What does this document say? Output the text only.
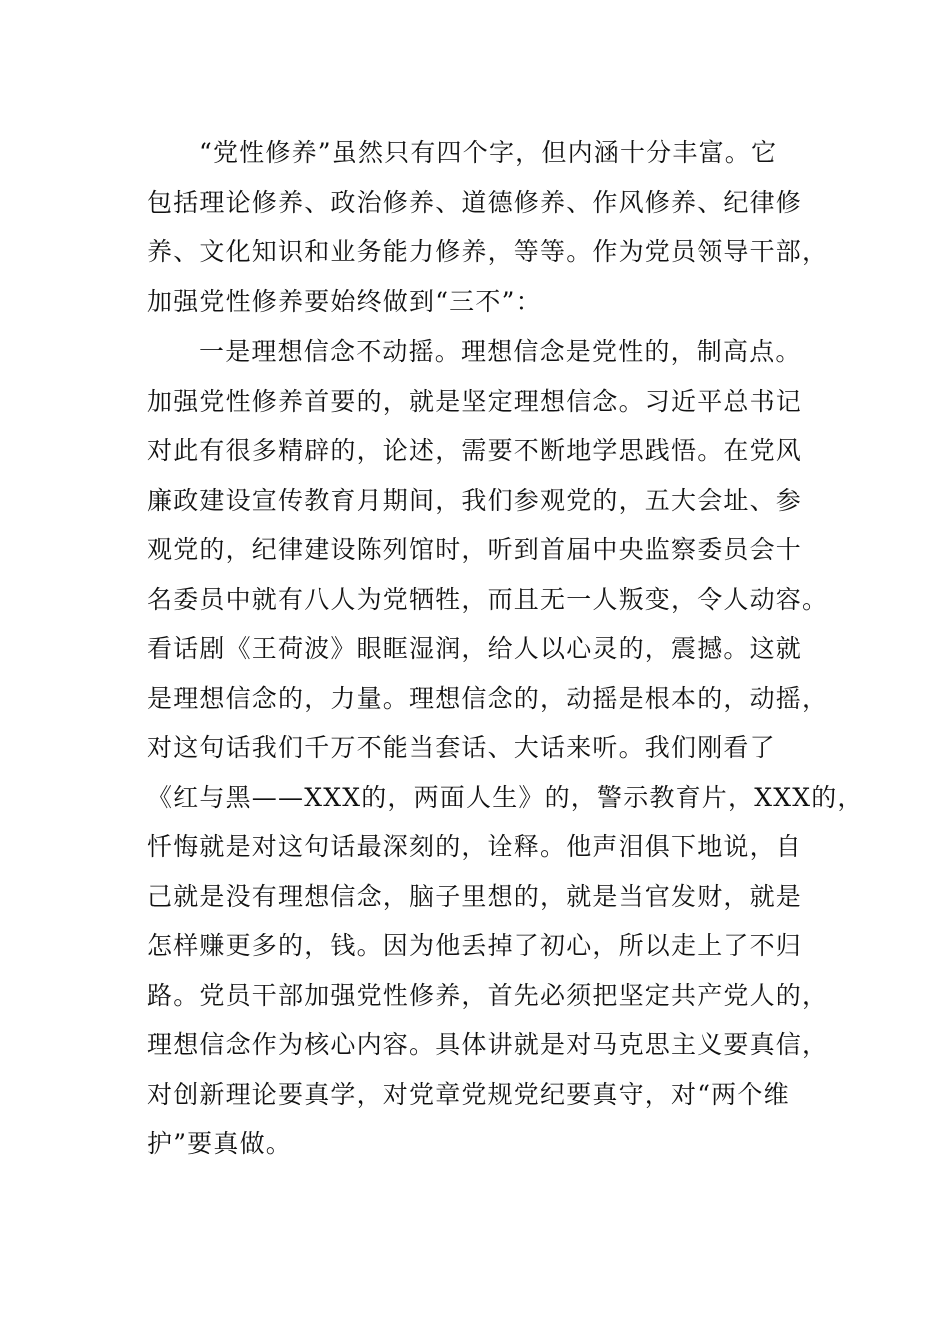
“党性修养”虽然只有四个字，但内涵十分丰富。它
包括理论修养、政治修养、道德修养、作风修养、纪律修
养、文化知识和业务能力修养，等等。作为党员领导干部，
加强党性修养要始终做到“三不”：
一是理想信念不动摇。理想信念是党性的，制高点。
加强党性修养首要的，就是坚定理想信念。习近平总书记
对此有很多精辟的，论述，需要不断地学思践悟。在党风
廉政建设宣传教育月期间，我们参观党的，五大会址、参
观党的，纪律建设陈列馆时，听到首届中央监察委员会十
名委员中就有八人为党牺牲，而且无一人叛变，令人动容。
看话剧《王荷波》眼眶湿润，给人以心灵的，震撼。这就
是理想信念的，力量。理想信念的，动摇是根本的，动摇，
对这句话我们千万不能当套话、大话来听。我们刚看了
《红与黑——XXX的，两面人生》的，警示教育片，XXX的，
忏悔就是对这句话最深刻的，诠释。他声泪俱下地说，自
己就是没有理想信念，脑子里想的，就是当官发财，就是
怎样赚更多的，钱。因为他丢掉了初心，所以走上了不归
路。党员干部加强党性修养，首先必须把坚定共产党人的，
理想信念作为核心内容。具体讲就是对马克思主义要真信，
对创新理论要真学，对党章党规党纪要真守，对“两个维
护”要真做。
